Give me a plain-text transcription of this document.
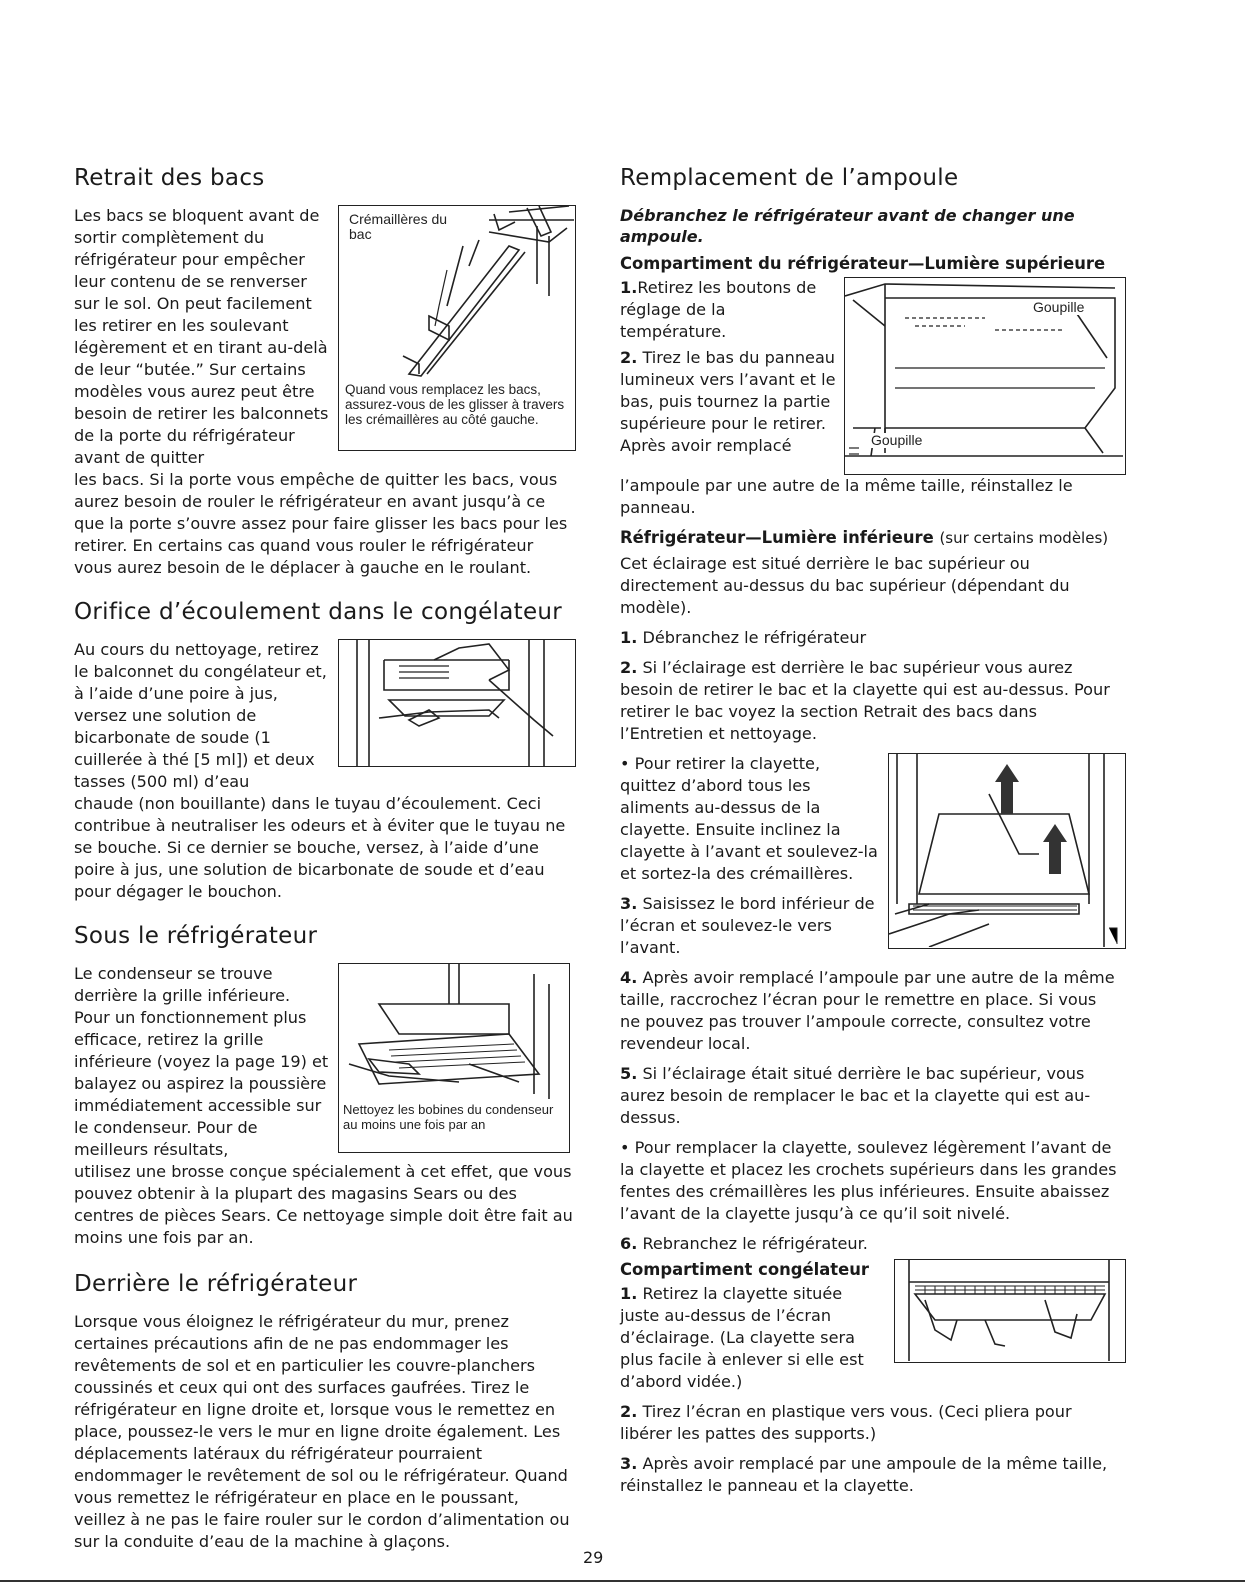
Retrait des bacs
Crémaillères du bac
Quand vous remplacez les bacs, assurez-vous de les glisser à travers les crémaillères au côté gauche.

Les bacs se bloquent avant de sortir complètement du réfrigérateur pour empêcher leur contenu de se renverser sur le sol. On peut facilement les retirer en les soulevant légèrement et en tirant au-delà de leur “butée.” Sur certains modèles vous aurez peut être besoin de retirer les balconnets de la porte du réfrigérateur avant de quitter

les bacs. Si la porte vous empêche de quitter les bacs, vous aurez besoin de rouler le réfrigérateur en avant jusqu’à ce que la porte s’ouvre assez pour faire glisser les bacs pour les retirer. En certains cas quand vous rouler le réfrigérateur vous aurez besoin de le déplacer à gauche en le roulant.

Orifice d’écoulement dans le congélateur

Au cours du nettoyage, retirez le balconnet du congélateur et, à l’aide d’une poire à jus, versez une solution de bicarbonate de soude (1 cuillerée à thé [5 ml]) et deux tasses (500 ml) d’eau

chaude (non bouillante) dans le tuyau d’écoulement. Ceci contribue à neutraliser les odeurs et à éviter que le tuyau ne se bouche. Si ce dernier se bouche, versez, à l’aide d’une poire à jus, une solution de bicarbonate de soude et d’eau pour dégager le bouchon.

Sous le réfrigérateur
Nettoyez les bobines du condenseur au moins une fois par an

Le condenseur se trouve derrière la grille inférieure. Pour un fonctionnement plus efficace, retirez la grille inférieure (voyez la page 19) et balayez ou aspirez la poussière immédiatement accessible sur le condenseur. Pour de meilleurs résultats,

utilisez une brosse conçue spécialement à cet effet, que vous pouvez obtenir à la plupart des magasins Sears ou des centres de pièces Sears. Ce nettoyage simple doit être fait au moins une fois par an.

Derrière le réfrigérateur

Lorsque vous éloignez le réfrigérateur du mur, prenez certaines précautions afin de ne pas endommager les revêtements de sol et en particulier les couvre-planchers coussinés et ceux qui ont des surfaces gaufrées. Tirez le réfrigérateur en ligne droite et, lorsque vous le remettez en place, poussez-le vers le mur en ligne droite également. Les déplacements latéraux du réfrigérateur pourraient endommager le revêtement de sol ou le réfrigérateur. Quand vous remettez le réfrigérateur en place en le poussant, veillez à ne pas le faire rouler sur le cordon d’alimentation ou sur la conduite d’eau de la machine à glaçons.

Remplacement de l’ampoule

Débranchez le réfrigérateur avant de changer une ampoule.

Compartiment du réfrigérateur—Lumière supérieure

Goupille
Goupille

1.Retirez les boutons de réglage de la température.

2. Tirez le bas du panneau lumineux vers l’avant et le bas, puis tournez la partie supérieure pour le retirer.

Après avoir remplacé

l’ampoule par une autre de la même taille, réinstallez le panneau.

Réfrigérateur—Lumière inférieure (sur certains modèles)

Cet éclairage est situé derrière le bac supérieur ou directement au-dessus du bac supérieur (dépendant du modèle).

1. Débranchez le réfrigérateur

2. Si l’éclairage est derrière le bac supérieur vous aurez besoin de retirer le bac et la clayette qui est au-dessus. Pour retirer le bac voyez la section Retrait des bacs dans l’Entretien et nettoyage.

• Pour retirer la clayette, quittez d’abord tous les aliments au-dessus de la clayette. Ensuite inclinez la clayette à l’avant et soulevez-la et sortez-la des crémaillères.

3. Saisissez le bord inférieur de l’écran et soulevez-le vers l’avant.

4. Après avoir remplacé l’ampoule par une autre de la même taille, raccrochez l’écran pour le remettre en place. Si vous ne pouvez pas trouver l’ampoule correcte, consultez votre revendeur local.

5. Si l’éclairage était situé derrière le bac supérieur, vous aurez besoin de remplacer le bac et la clayette qui est au-dessus.

• Pour remplacer la clayette, soulevez légèrement l’avant de la clayette et placez les crochets supérieurs dans les grandes fentes des crémaillères les plus inférieures. Ensuite abaissez l’avant de la clayette jusqu’à ce qu’il soit nivelé.

6. Rebranchez le réfrigérateur.

Compartiment congélateur

1. Retirez la clayette située juste au-dessus de l’écran d’éclairage. (La clayette sera plus facile à enlever si elle est d’abord vidée.)

2. Tirez l’écran en plastique vers vous. (Ceci pliera pour libérer les pattes des supports.)

3. Après avoir remplacé par une ampoule de la même taille, réinstallez le panneau et la clayette.

29
